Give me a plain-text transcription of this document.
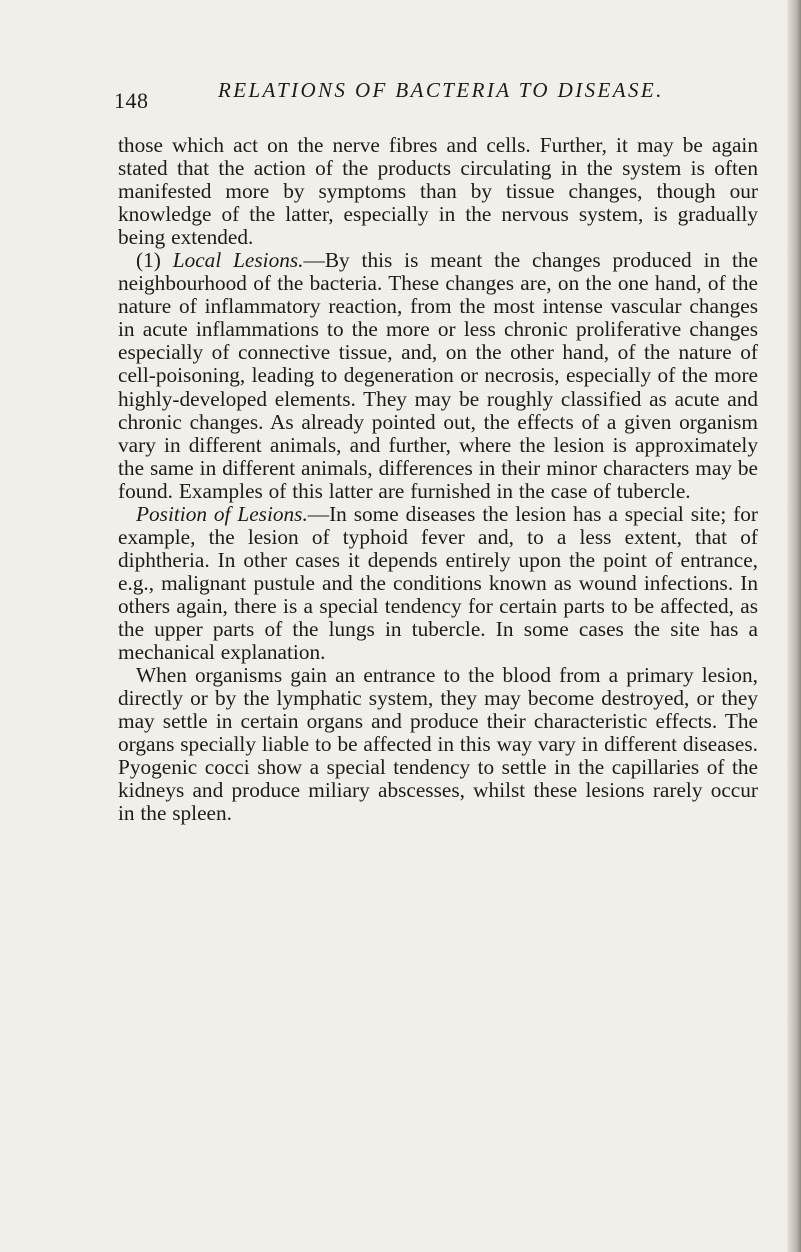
148	RELATIONS OF BACTERIA TO DISEASE.

those which act on the nerve fibres and cells. Further, it may be again stated that the action of the products circulating in the system is often manifested more by symptoms than by tissue changes, though our knowledge of the latter, especially in the nervous system, is gradually being extended.

(1) Local Lesions.—By this is meant the changes produced in the neighbourhood of the bacteria. These changes are, on the one hand, of the nature of inflammatory reaction, from the most intense vascular changes in acute inflammations to the more or less chronic proliferative changes especially of connective tissue, and, on the other hand, of the nature of cell-poisoning, leading to degeneration or necrosis, especially of the more highly-developed elements. They may be roughly classified as acute and chronic changes. As already pointed out, the effects of a given organism vary in different animals, and further, where the lesion is approximately the same in different animals, differences in their minor characters may be found. Examples of this latter are furnished in the case of tubercle.

Position of Lesions.—In some diseases the lesion has a special site; for example, the lesion of typhoid fever and, to a less extent, that of diphtheria. In other cases it depends entirely upon the point of entrance, e.g., malignant pustule and the conditions known as wound infections. In others again, there is a special tendency for certain parts to be affected, as the upper parts of the lungs in tubercle. In some cases the site has a mechanical explanation.

When organisms gain an entrance to the blood from a primary lesion, directly or by the lymphatic system, they may become destroyed, or they may settle in certain organs and produce their characteristic effects. The organs specially liable to be affected in this way vary in different diseases. Pyogenic cocci show a special tendency to settle in the capillaries of the kidneys and produce miliary abscesses, whilst these lesions rarely occur in the spleen.
